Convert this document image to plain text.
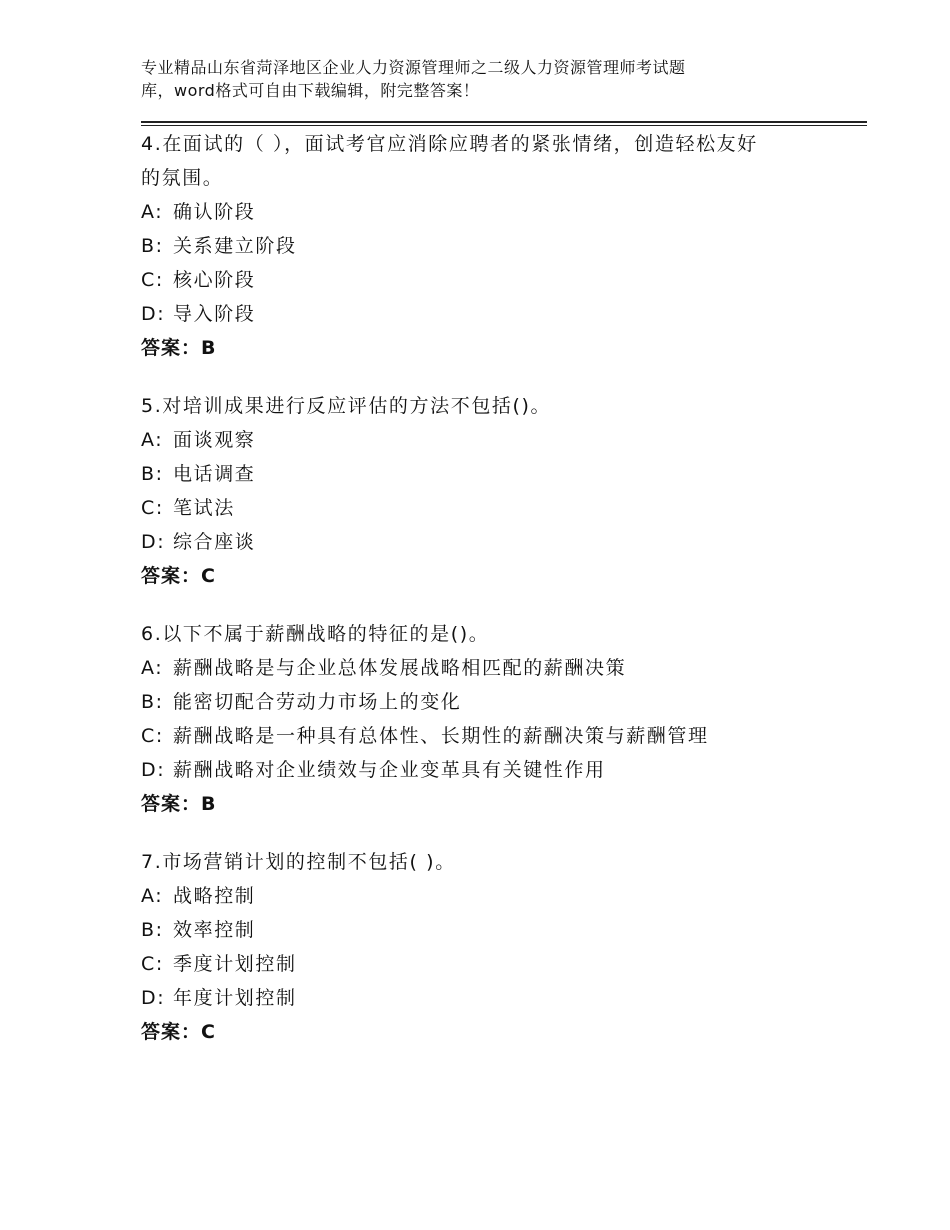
专业精品山东省菏泽地区企业人力资源管理师之二级人力资源管理师考试题
库，word格式可自由下载编辑，附完整答案！
4.在面试的（ ），面试考官应消除应聘者的紧张情绪，创造轻松友好
的氛围。
A: 确认阶段
B: 关系建立阶段
C: 核心阶段
D: 导入阶段
答案：B
5.对培训成果进行反应评估的方法不包括()。
A: 面谈观察
B: 电话调查
C: 笔试法
D: 综合座谈
答案：C
6.以下不属于薪酬战略的特征的是()。
A: 薪酬战略是与企业总体发展战略相匹配的薪酬决策
B: 能密切配合劳动力市场上的变化
C: 薪酬战略是一种具有总体性、长期性的薪酬决策与薪酬管理
D: 薪酬战略对企业绩效与企业变革具有关键性作用
答案：B
7.市场营销计划的控制不包括( )。
A: 战略控制
B: 效率控制
C: 季度计划控制
D: 年度计划控制
答案：C
